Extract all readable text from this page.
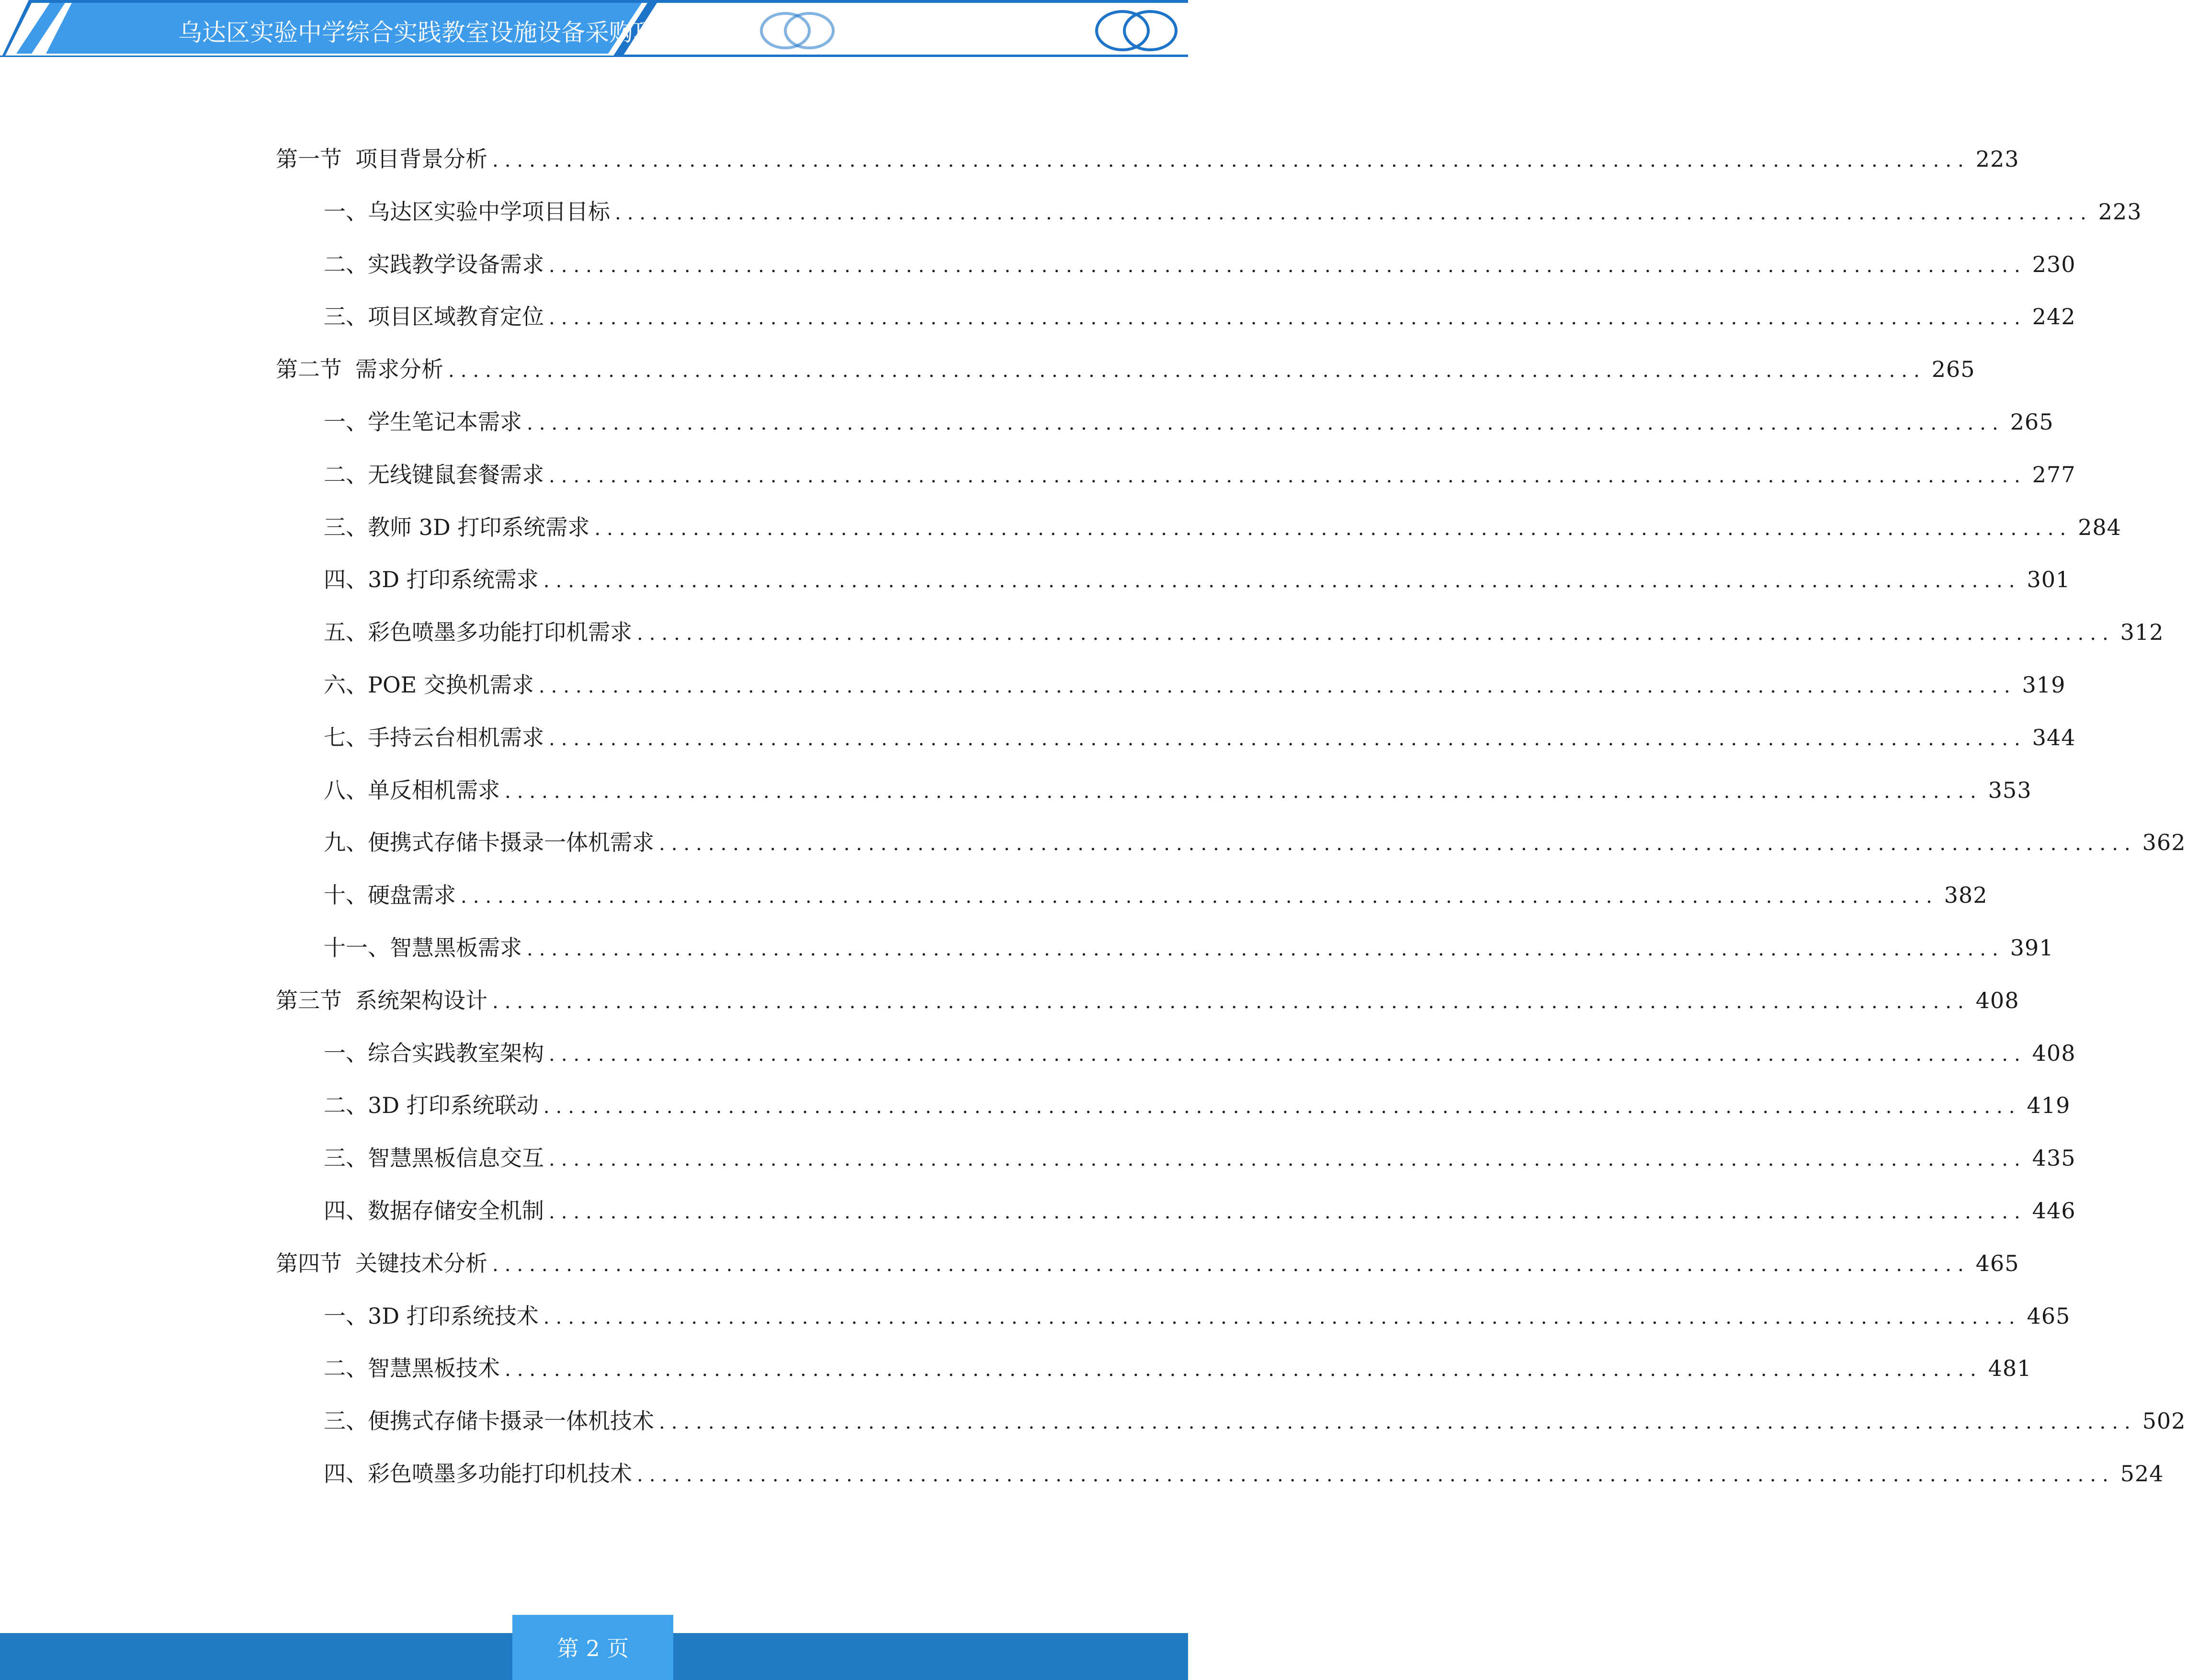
乌达区实验中学综合实践教室设施设备采购项目
第一节 项目背景分析 ........................................................................................................................ 223
一、 乌达区实验中学项目目标 ........................................................................................................................ 223
二、 实践教学设备需求 ........................................................................................................................ 230
三、 项目区域教育定位 ........................................................................................................................ 242
第二节 需求分析 ........................................................................................................................ 265
一、 学生笔记本需求 ........................................................................................................................ 265
二、 无线键鼠套餐需求 ........................................................................................................................ 277
三、 教师 3D 打印系统需求 ........................................................................................................................ 284
四、 3D 打印系统需求 ........................................................................................................................ 301
五、 彩色喷墨多功能打印机需求 ........................................................................................................................ 312
六、 POE 交换机需求 ........................................................................................................................ 319
七、 手持云台相机需求 ........................................................................................................................ 344
八、 单反相机需求 ........................................................................................................................ 353
九、 便携式存储卡摄录一体机需求 ........................................................................................................................ 362
十、 硬盘需求 ........................................................................................................................ 382
十一、 智慧黑板需求 ........................................................................................................................ 391
第三节 系统架构设计 ........................................................................................................................ 408
一、 综合实践教室架构 ........................................................................................................................ 408
二、 3D 打印系统联动 ........................................................................................................................ 419
三、 智慧黑板信息交互 ........................................................................................................................ 435
四、 数据存储安全机制 ........................................................................................................................ 446
第四节 关键技术分析 ........................................................................................................................ 465
一、 3D 打印系统技术 ........................................................................................................................ 465
二、 智慧黑板技术 ........................................................................................................................ 481
三、 便携式存储卡摄录一体机技术 ........................................................................................................................ 502
四、 彩色喷墨多功能打印机技术 ........................................................................................................................ 524
第 2 页
